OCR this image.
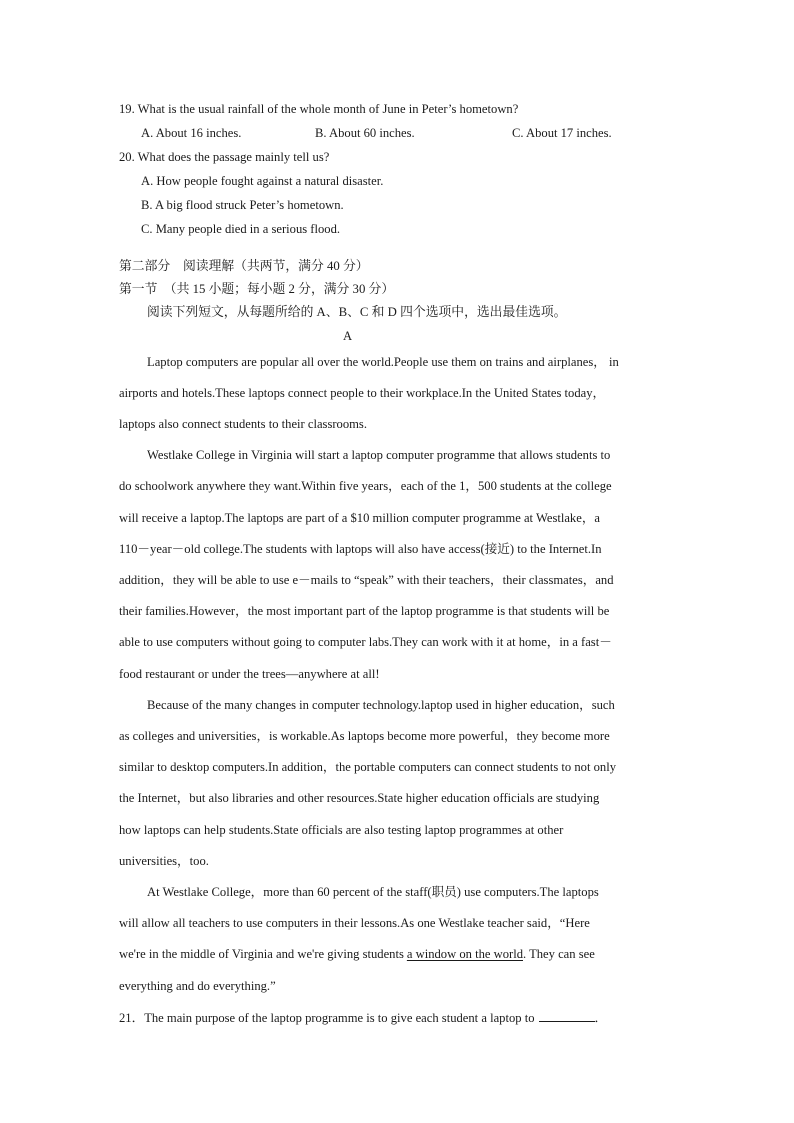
19. What is the usual rainfall of the whole month of June in Peter’s hometown?
A. About 16 inches.	B. About 60 inches.	C. About 17 inches.
20. What does the passage mainly tell us?
A. How people fought against a natural disaster.
B. A big flood struck Peter’s hometown.
C. Many people died in a serious flood.
第二部分　阅读理解（共两节，满分 40 分）
第一节　（共 15 小题；每小题 2 分，满分 30 分）
阅读下列短文，从每题所给的 A、B、C 和 D 四个选项中，选出最佳选项。
A
Laptop computers are popular all over the world.People use them on trains and airplanes， in
airports and hotels.These laptops connect people to their workplace.In the United States today，
laptops also connect students to their classrooms.
Westlake College in Virginia will start a laptop computer programme that allows students to
do schoolwork anywhere they want.Within five years，each of the 1，500 students at the college
will receive a laptop.The laptops are part of a $10 million computer programme at Westlake，a
110－year－old college.The students with laptops will also have access(接近) to the Internet.In
addition，they will be able to use e－mails to “speak” with their teachers，their classmates，and
their families.However，the most important part of the laptop programme is that students will be
able to use computers without going to computer labs.They can work with it at home，in a fast－
food restaurant or under the trees—anywhere at all!
Because of the many changes in computer technology.laptop used in higher education，such
as colleges and universities，is workable.As laptops become more powerful，they become more
similar to desktop computers.In addition，the portable computers can connect students to not only
the Internet，but also libraries and other resources.State higher education officials are studying
how laptops can help students.State officials are also testing laptop programmes at other
universities，too.
At Westlake College，more than 60 percent of the staff(职员) use computers.The laptops
will allow all teachers to use computers in their lessons.As one Westlake teacher said，“Here
we're in the middle of Virginia and we're giving students a window on the world. They can see
everything and do everything.”
21．The main purpose of the laptop programme is to give each student a laptop to	．
